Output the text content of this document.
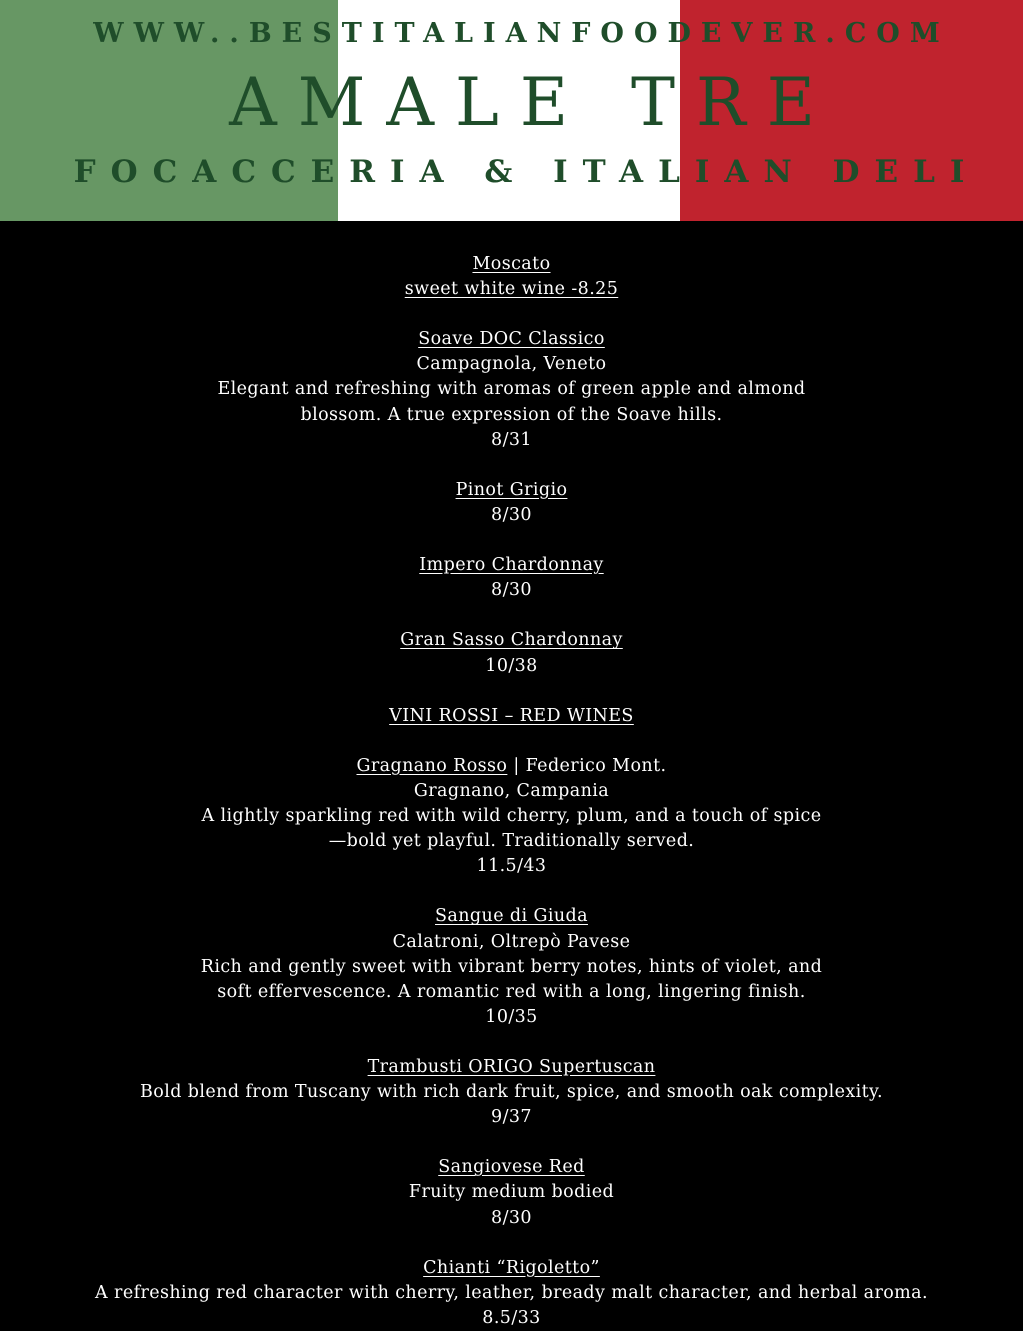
WWW..BESTITALIANFOODEVER.COM
AMALE TRE
FOCACCERIA & ITALIAN DELI
Moscato
sweet white wine -8.25
Soave DOC Classico
Campagnola, Veneto
Elegant and refreshing with aromas of green apple and almond
blossom. A true expression of the Soave hills.
8/31
Pinot Grigio
8/30
Impero Chardonnay
8/30
Gran Sasso Chardonnay
10/38
VINI ROSSI – RED WINES
Gragnano Rosso | Federico Mont.
Gragnano, Campania
A lightly sparkling red with wild cherry, plum, and a touch of spice
—bold yet playful. Traditionally served.
11.5/43
Sangue di Giuda
Calatroni, Oltrepò Pavese
Rich and gently sweet with vibrant berry notes, hints of violet, and
soft effervescence. A romantic red with a long, lingering finish.
10/35
Trambusti ORIGO Supertuscan
Bold blend from Tuscany with rich dark fruit, spice, and smooth oak complexity.
9/37
Sangiovese Red
Fruity medium bodied
8/30
Chianti “Rigoletto”
A refreshing red character with cherry, leather, bready malt character, and herbal aroma.
8.5/33
